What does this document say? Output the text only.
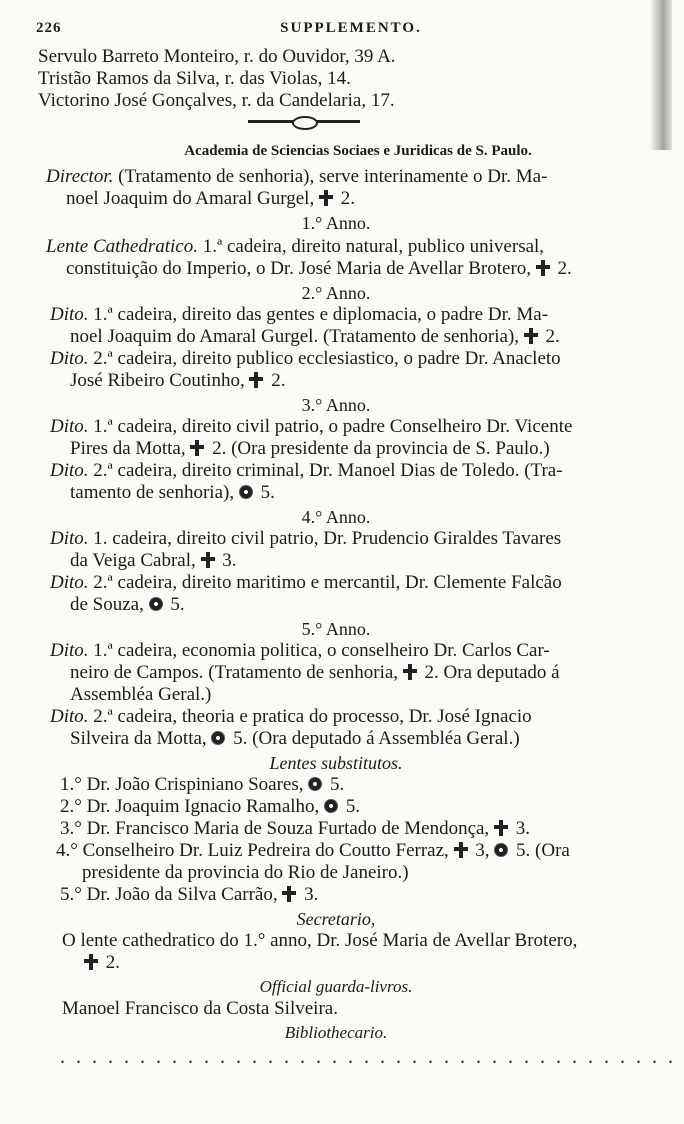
226	SUPPLEMENTO.
Servulo Barreto Monteiro, r. do Ouvidor, 39 A.
Tristão Ramos da Silva, r. das Violas, 14.
Victorino José Gonçalves, r. da Candelaria, 17.
Academia de Sciencias Sociaes e Juridicas de S. Paulo.
Director. (Tratamento de senhoria), serve interinamente o Dr. Ma-
noel Joaquim do Amaral Gurgel,  2.
1.° Anno.
Lente Cathedratico. 1.ª cadeira, direito natural, publico universal,
constituição do Imperio, o Dr. José Maria de Avellar Brotero,  2.
2.° Anno.
Dito. 1.ª cadeira, direito das gentes e diplomacia, o padre Dr. Ma-
noel Joaquim do Amaral Gurgel. (Tratamento de senhoria),  2.
Dito. 2.ª cadeira, direito publico ecclesiastico, o padre Dr. Anacleto
José Ribeiro Coutinho,  2.
3.° Anno.
Dito. 1.ª cadeira, direito civil patrio, o padre Conselheiro Dr. Vicente
Pires da Motta,  2. (Ora presidente da provincia de S. Paulo.)
Dito. 2.ª cadeira, direito criminal, Dr. Manoel Dias de Toledo. (Tra-
tamento de senhoria),  5.
4.° Anno.
Dito. 1. cadeira, direito civil patrio, Dr. Prudencio Giraldes Tavares
da Veiga Cabral,  3.
Dito. 2.ª cadeira, direito maritimo e mercantil, Dr. Clemente Falcão
de Souza,  5.
5.° Anno.
Dito. 1.ª cadeira, economia politica, o conselheiro Dr. Carlos Car-
neiro de Campos. (Tratamento de senhoria,  2. Ora deputado á
Assembléa Geral.)
Dito. 2.ª cadeira, theoria e pratica do processo, Dr. José Ignacio
Silveira da Motta,  5. (Ora deputado á Assembléa Geral.)
Lentes substitutos.
1.° Dr. João Crispiniano Soares,  5.
2.° Dr. Joaquim Ignacio Ramalho,  5.
3.° Dr. Francisco Maria de Souza Furtado de Mendonça,  3.
4.° Conselheiro Dr. Luiz Pedreira do Coutto Ferraz,  3,  5. (Ora
presidente da provincia do Rio de Janeiro.)
5.° Dr. João da Silva Carrão,  3.
Secretario,
O lente cathedratico do 1.° anno, Dr. José Maria de Avellar Brotero,
2.
Official guarda-livros.
Manoel Francisco da Costa Silveira.
Bibliothecario.
.......................................
